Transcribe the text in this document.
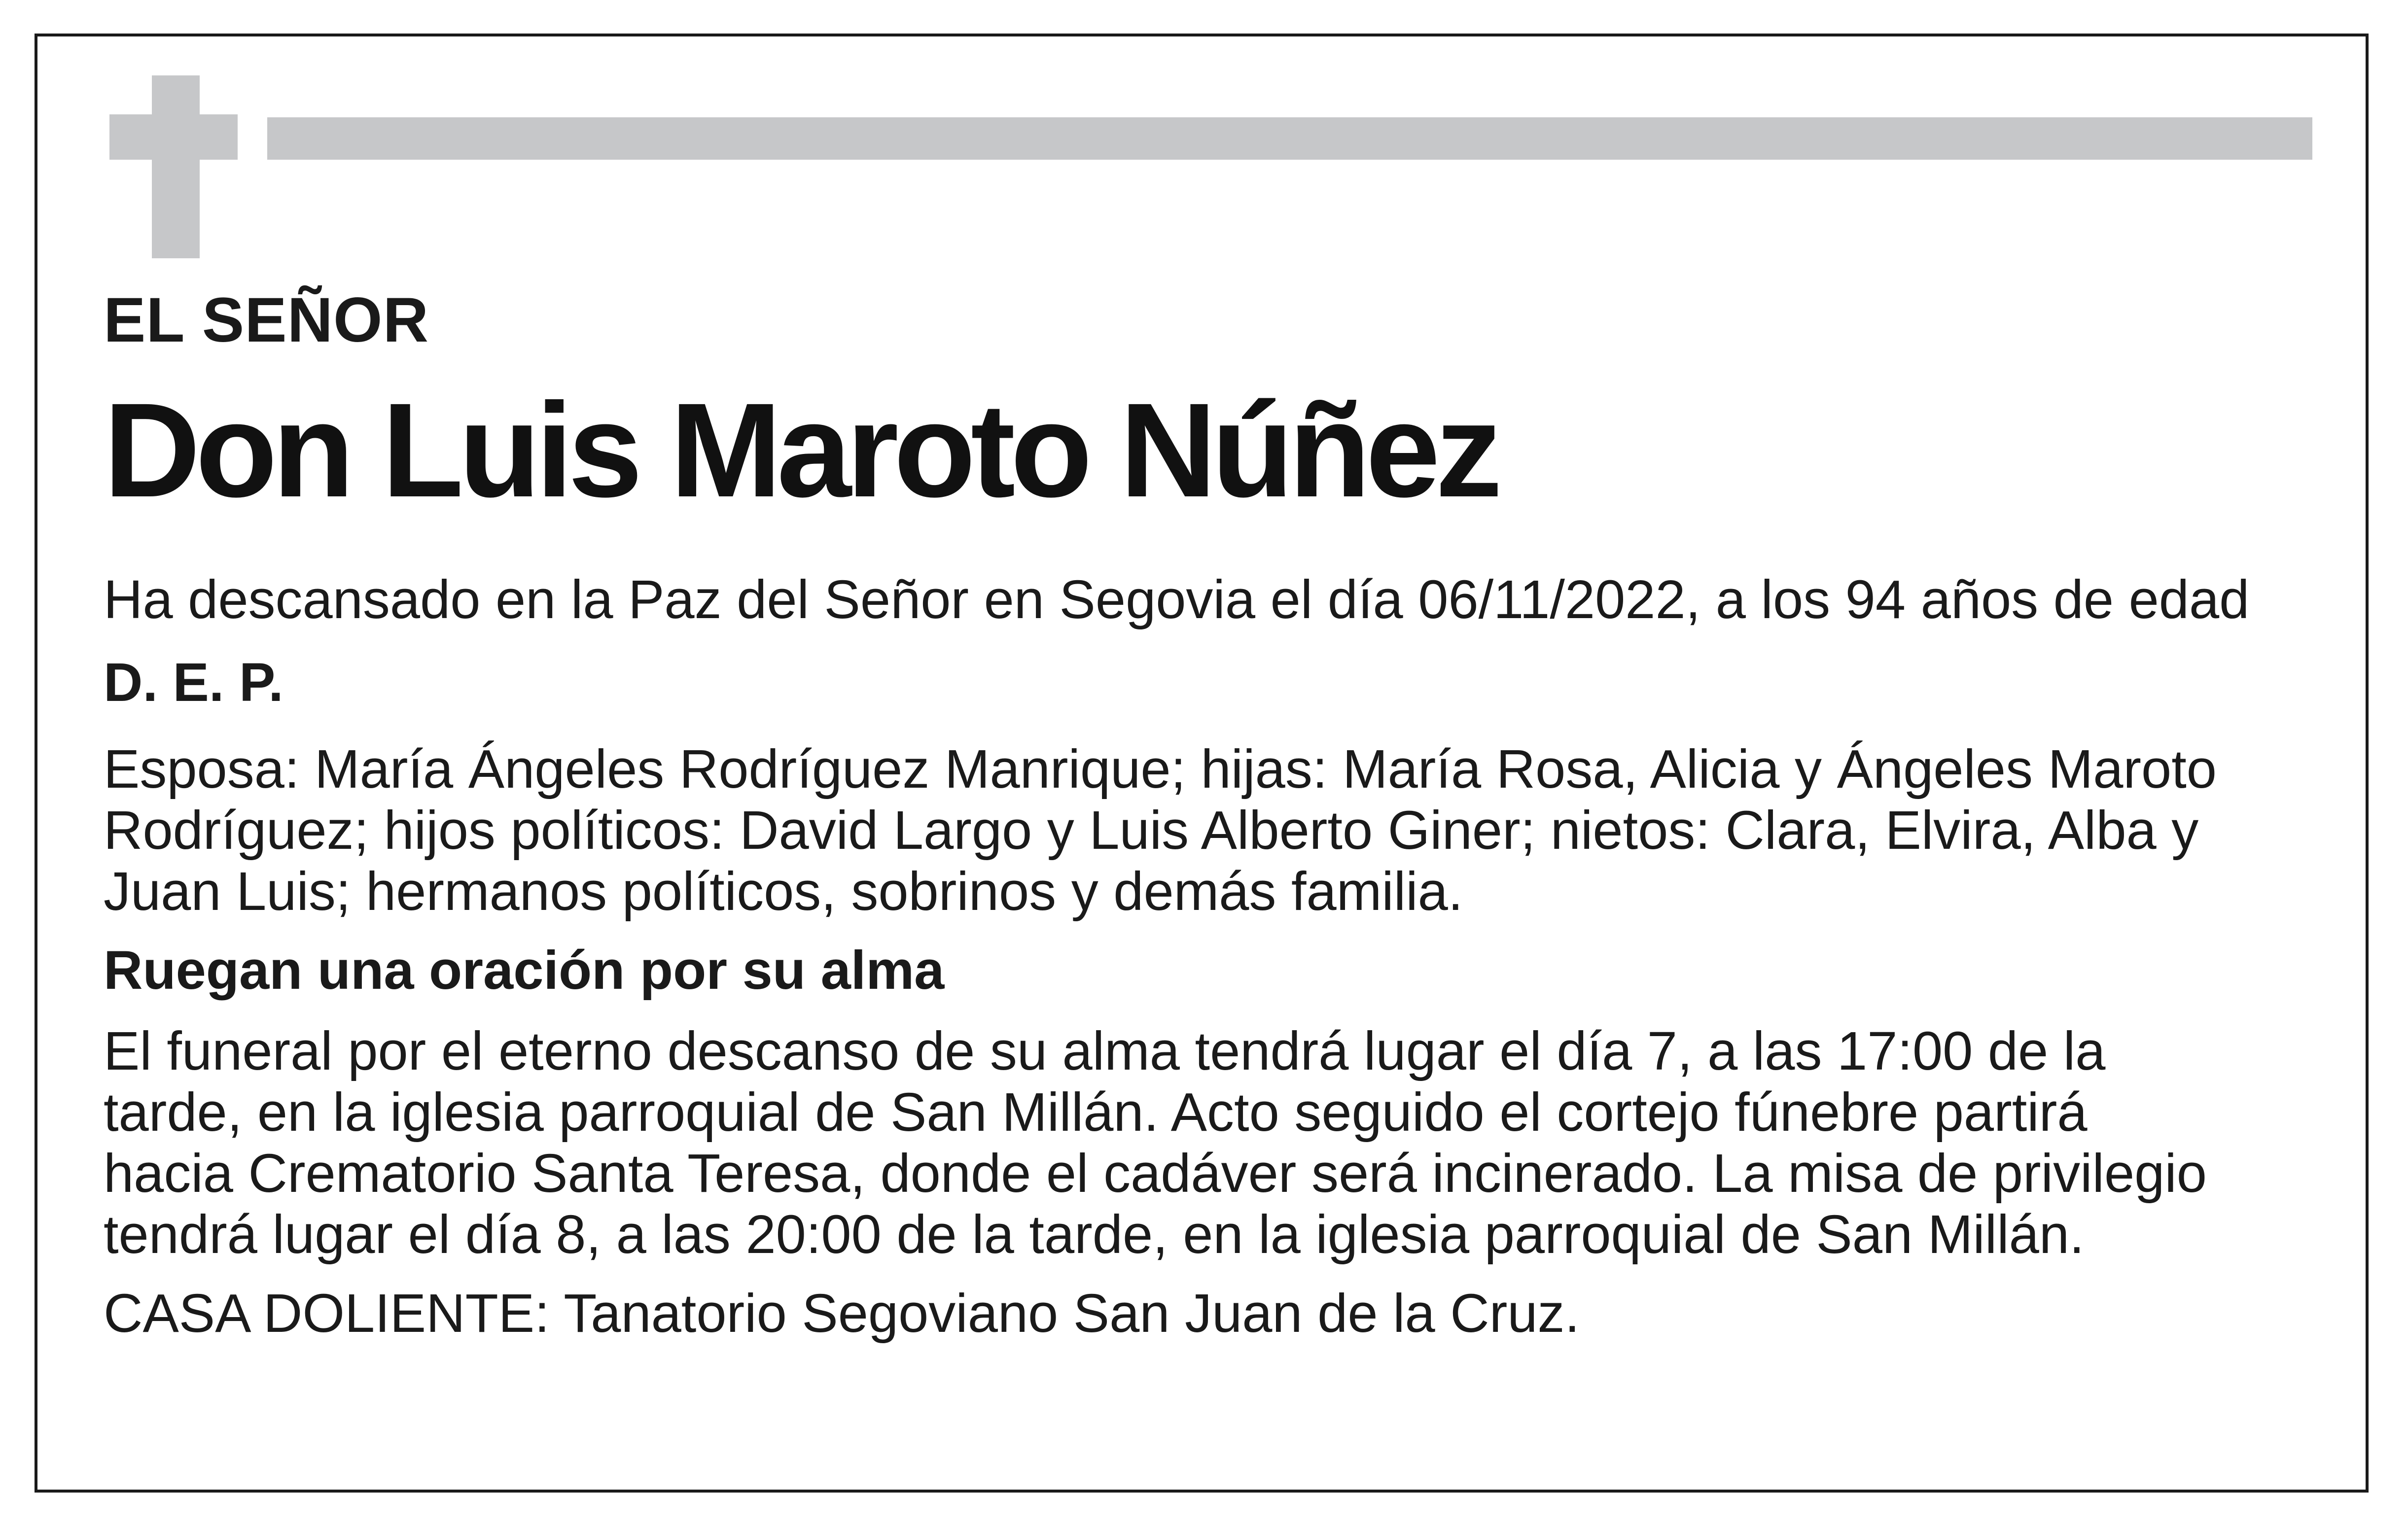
EL SEÑOR

Don Luis Maroto Núñez

Ha descansado en la Paz del Señor en Segovia el día 06/11/2022, a los 94 años de edad

D. E. P.

Esposa: María Ángeles Rodríguez Manrique; hijas: María Rosa, Alicia y Ángeles Maroto

Rodríguez; hijos políticos: David Largo y Luis Alberto Giner; nietos: Clara, Elvira, Alba y

Juan Luis; hermanos políticos, sobrinos y demás familia.

Ruegan una oración por su alma

El funeral por el eterno descanso de su alma tendrá lugar el día 7, a las 17:00 de la

tarde, en la iglesia parroquial de San Millán. Acto seguido el cortejo fúnebre partirá

hacia Crematorio Santa Teresa, donde el cadáver será incinerado. La misa de privilegio

tendrá lugar el día 8, a las 20:00 de la tarde, en la iglesia parroquial de San Millán.

CASA DOLIENTE: Tanatorio Segoviano San Juan de la Cruz.
